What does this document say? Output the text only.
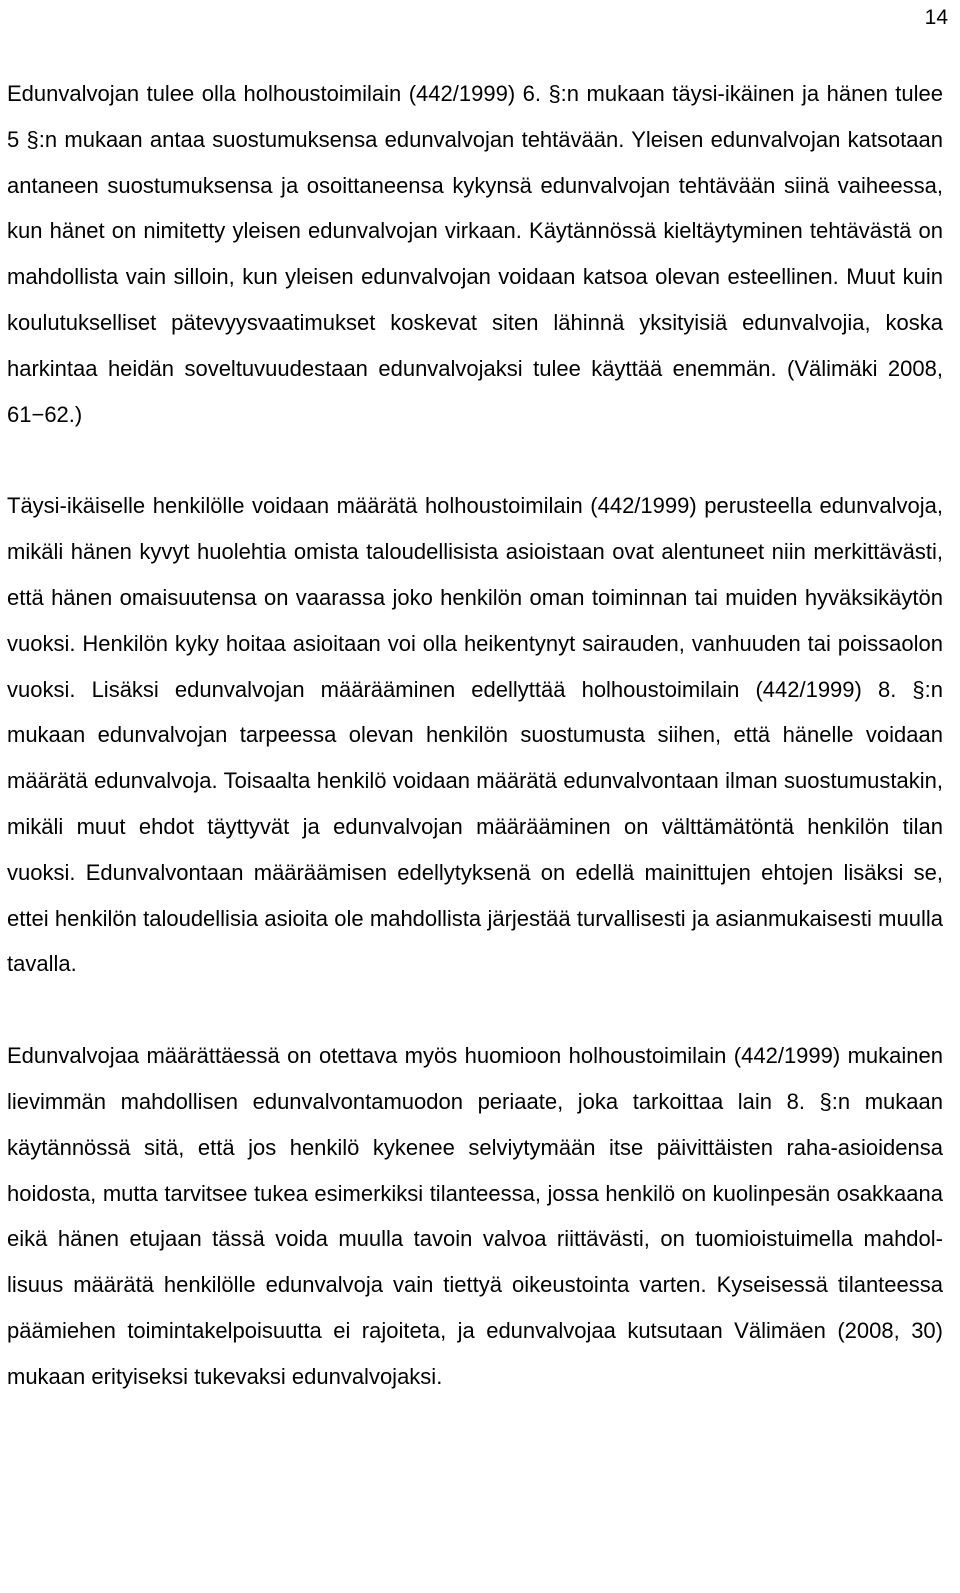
14

Edunvalvojan tulee olla holhoustoimilain (442/1999) 6. §:n mukaan täysi-ikäinen ja hänen tulee 5 §:n mukaan antaa suostumuksensa edunvalvojan tehtävään. Yleisen edunvalvojan katsotaan antaneen suostumuksensa ja osoittaneensa kykynsä edunvalvojan tehtävään siinä vaiheessa, kun hänet on nimitetty yleisen edunvalvojan virkaan. Käytännössä kieltäytyminen tehtävästä on mahdollista vain silloin, kun yleisen edunvalvojan voidaan katsoa olevan esteellinen. Muut kuin koulutukselliset pätevyysvaatimukset koskevat siten lähinnä yksityisiä edunvalvojia, koska harkintaa heidän soveltuvuudestaan edunvalvojaksi tulee käyttää enemmän. (Välimäki 2008, 61−62.)

Täysi-ikäiselle henkilölle voidaan määrätä holhoustoimilain (442/1999) perusteella edunvalvoja, mikäli hänen kyvyt huolehtia omista taloudellisista asioistaan ovat alentuneet niin merkittävästi, että hänen omaisuutensa on vaarassa joko henkilön oman toiminnan tai muiden hyväksikäytön vuoksi. Henkilön kyky hoitaa asioitaan voi olla heikentynyt sairauden, vanhuuden tai poissaolon vuoksi. Lisäksi edunvalvojan määrääminen edellyttää holhoustoimilain (442/1999) 8. §:n mukaan edunvalvojan tarpeessa olevan henkilön suostumusta siihen, että hänelle voidaan määrätä edunvalvoja. Toisaalta henkilö voidaan määrätä edunvalvontaan ilman suostumustakin, mikäli muut ehdot täyttyvät ja edunvalvojan määrääminen on välttämätöntä henkilön tilan vuoksi. Edunvalvontaan määräämisen edellytyksenä on edellä mainittujen ehtojen lisäksi se, ettei henkilön taloudellisia asioita ole mahdollista järjestää turvallisesti ja asianmukaisesti muulla tavalla.

Edunvalvojaa määrättäessä on otettava myös huomioon holhoustoimilain (442/1999) mukainen lievimmän mahdollisen edunvalvontamuodon periaate, joka tarkoittaa lain 8. §:n mukaan käytännössä sitä, että jos henkilö kykenee selviytymään itse päivittäisten raha-asioidensa hoidosta, mutta tarvitsee tukea esimerkiksi tilanteessa, jossa henkilö on kuolinpesän osakkaana eikä hänen etujaan tässä voida muulla tavoin valvoa riittävästi, on tuomioistuimella mahdollisuus määrätä henkilölle edunvalvoja vain tiettyä oikeustointa varten. Kyseisessä tilanteessa päämiehen toimintakelpoisuutta ei rajoiteta, ja edunvalvojaa kutsutaan Välimäen (2008, 30) mukaan erityiseksi tukevaksi edunvalvojaksi.
